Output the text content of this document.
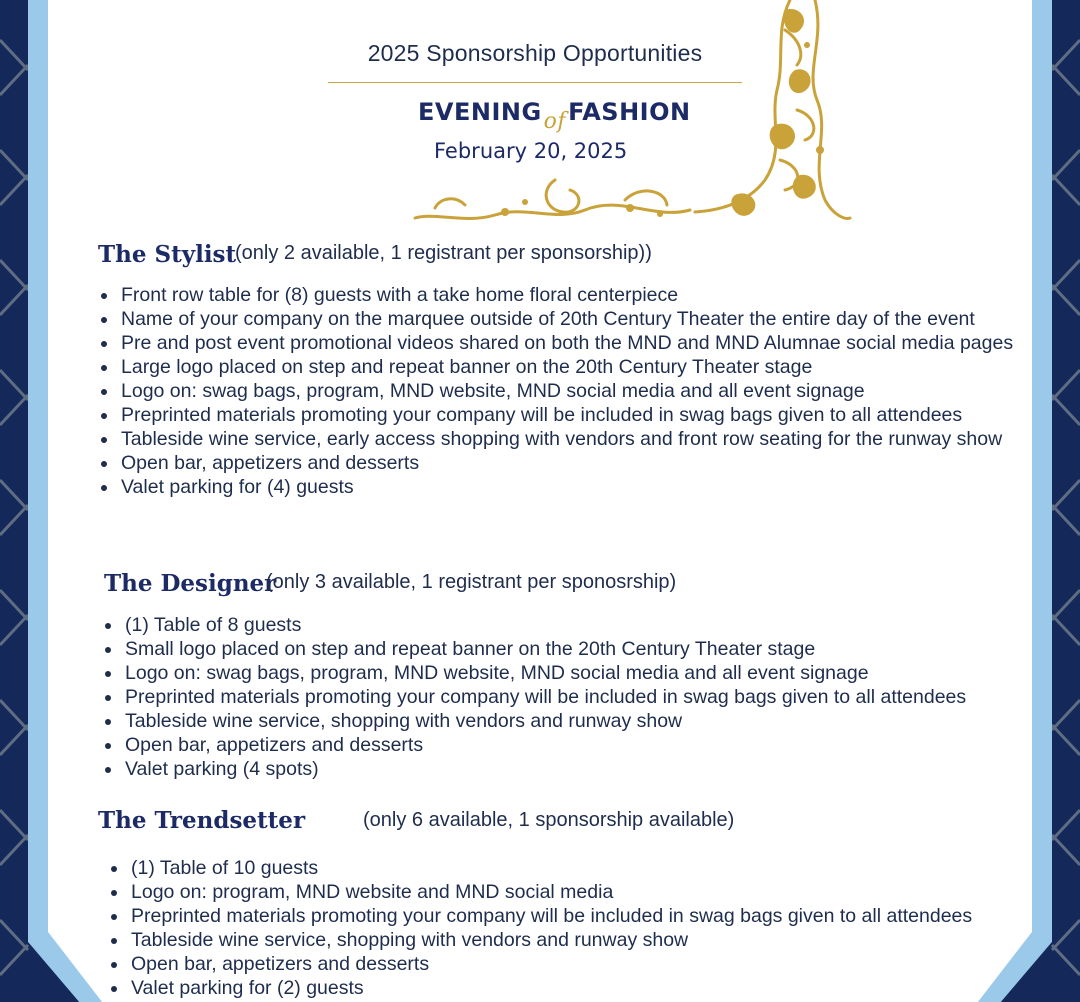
2025 Sponsorship Opportunities
EVENINGofFASHION
February 20, 2025
The Stylist
(only 2 available, 1 registrant per sponsorship))
Front row table for (8) guests with a take home floral centerpiece
Name of your company on the marquee outside of 20th Century Theater the entire day of the event
Pre and post event promotional videos shared on both the MND and MND Alumnae social media pages
Large logo placed on step and repeat banner on the 20th Century Theater stage
Logo on: swag bags, program, MND website, MND social media and all event signage
Preprinted materials promoting your company will be included in swag bags given to all attendees
Tableside wine service, early access shopping with vendors and front row seating for the runway show
Open bar, appetizers and desserts
Valet parking for (4) guests
The Designer
(only 3 available, 1 registrant per sponosrship)
(1) Table of 8 guests
Small logo placed on step and repeat banner on the 20th Century Theater stage
Logo on: swag bags, program, MND website, MND social media and all event signage
Preprinted materials promoting your company will be included in swag bags given to all attendees
Tableside wine service, shopping with vendors and runway show
Open bar, appetizers and desserts
Valet parking (4 spots)
The Trendsetter	(only 6 available, 1 sponsorship available)
(1) Table of 10 guests
Logo on: program, MND website and MND social media
Preprinted materials promoting your company will be included in swag bags given to all attendees
Tableside wine service, shopping with vendors and runway show
Open bar, appetizers and desserts
Valet parking for (2) guests
